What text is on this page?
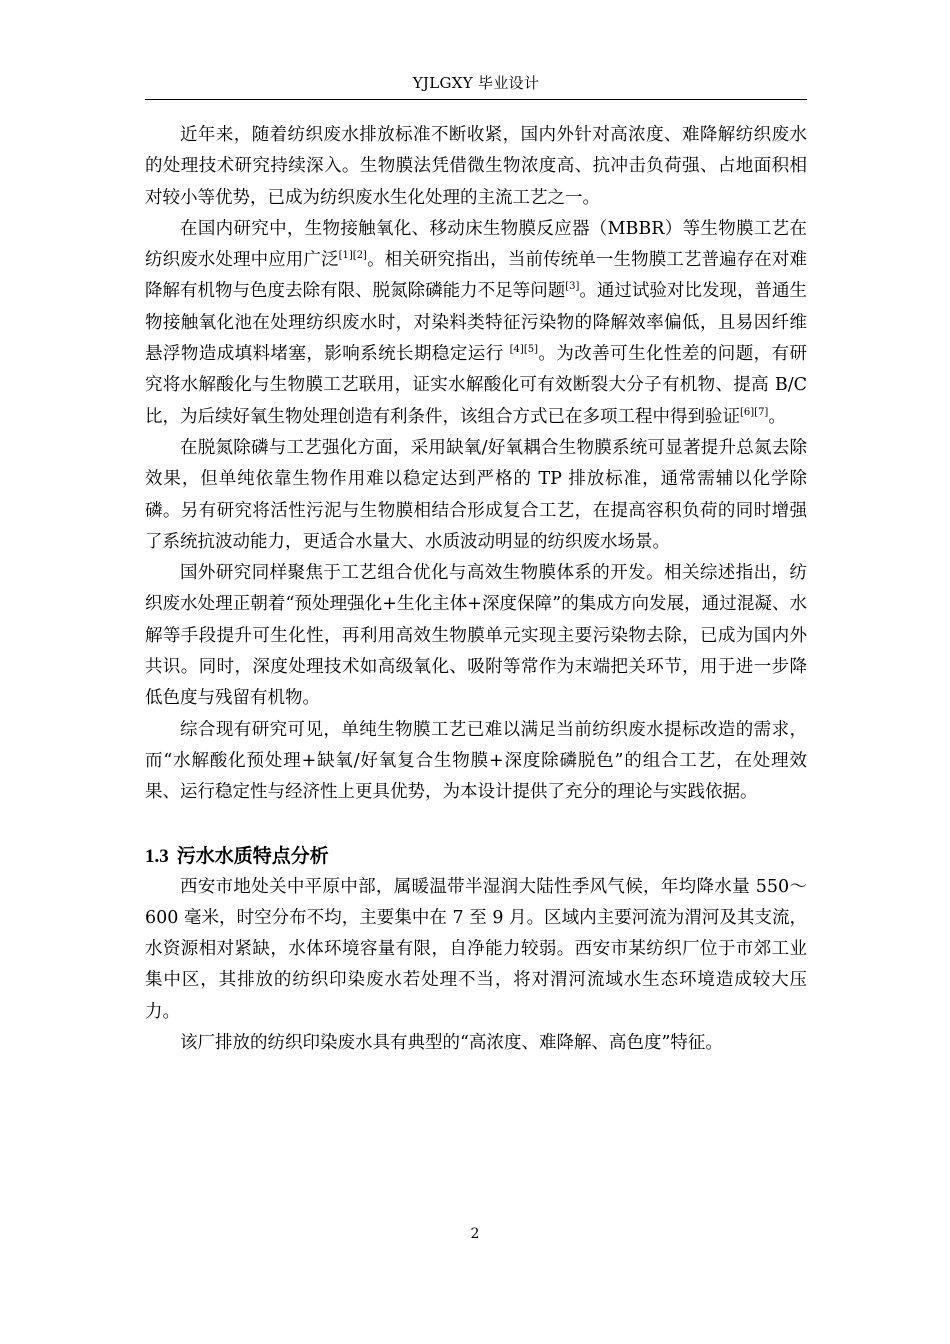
YJLGXY 毕业设计

近年来，随着纺织废水排放标准不断收紧，国内外针对高浓度、难降解纺织废水的处理技术研究持续深入。生物膜法凭借微生物浓度高、抗冲击负荷强、占地面积相对较小等优势，已成为纺织废水生化处理的主流工艺之一。

在国内研究中，生物接触氧化、移动床生物膜反应器（MBBR）等生物膜工艺在纺织废水处理中应用广泛[1][2]。相关研究指出，当前传统单一生物膜工艺普遍存在对难降解有机物与色度去除有限、脱氮除磷能力不足等问题[3]。通过试验对比发现，普通生物接触氧化池在处理纺织废水时，对染料类特征污染物的降解效率偏低，且易因纤维悬浮物造成填料堵塞，影响系统长期稳定运行 [4][5]。为改善可生化性差的问题，有研究将水解酸化与生物膜工艺联用，证实水解酸化可有效断裂大分子有机物、提高 B/C 比，为后续好氧生物处理创造有利条件，该组合方式已在多项工程中得到验证[6][7]。

在脱氮除磷与工艺强化方面，采用缺氧/好氧耦合生物膜系统可显著提升总氮去除效果，但单纯依靠生物作用难以稳定达到严格的 TP 排放标准，通常需辅以化学除磷。另有研究将活性污泥与生物膜相结合形成复合工艺，在提高容积负荷的同时增强了系统抗波动能力，更适合水量大、水质波动明显的纺织废水场景。

国外研究同样聚焦于工艺组合优化与高效生物膜体系的开发。相关综述指出，纺织废水处理正朝着“预处理强化+生化主体+深度保障”的集成方向发展，通过混凝、水解等手段提升可生化性，再利用高效生物膜单元实现主要污染物去除，已成为国内外共识。同时，深度处理技术如高级氧化、吸附等常作为末端把关环节，用于进一步降低色度与残留有机物。

综合现有研究可见，单纯生物膜工艺已难以满足当前纺织废水提标改造的需求，而“水解酸化预处理+缺氧/好氧复合生物膜+深度除磷脱色”的组合工艺，在处理效果、运行稳定性与经济性上更具优势，为本设计提供了充分的理论与实践依据。

1.3 污水水质特点分析

西安市地处关中平原中部，属暖温带半湿润大陆性季风气候，年均降水量 550～600 毫米，时空分布不均，主要集中在 7 至 9 月。区域内主要河流为渭河及其支流，水资源相对紧缺，水体环境容量有限，自净能力较弱。西安市某纺织厂位于市郊工业集中区，其排放的纺织印染废水若处理不当，将对渭河流域水生态环境造成较大压力。

该厂排放的纺织印染废水具有典型的“高浓度、难降解、高色度”特征。

2
